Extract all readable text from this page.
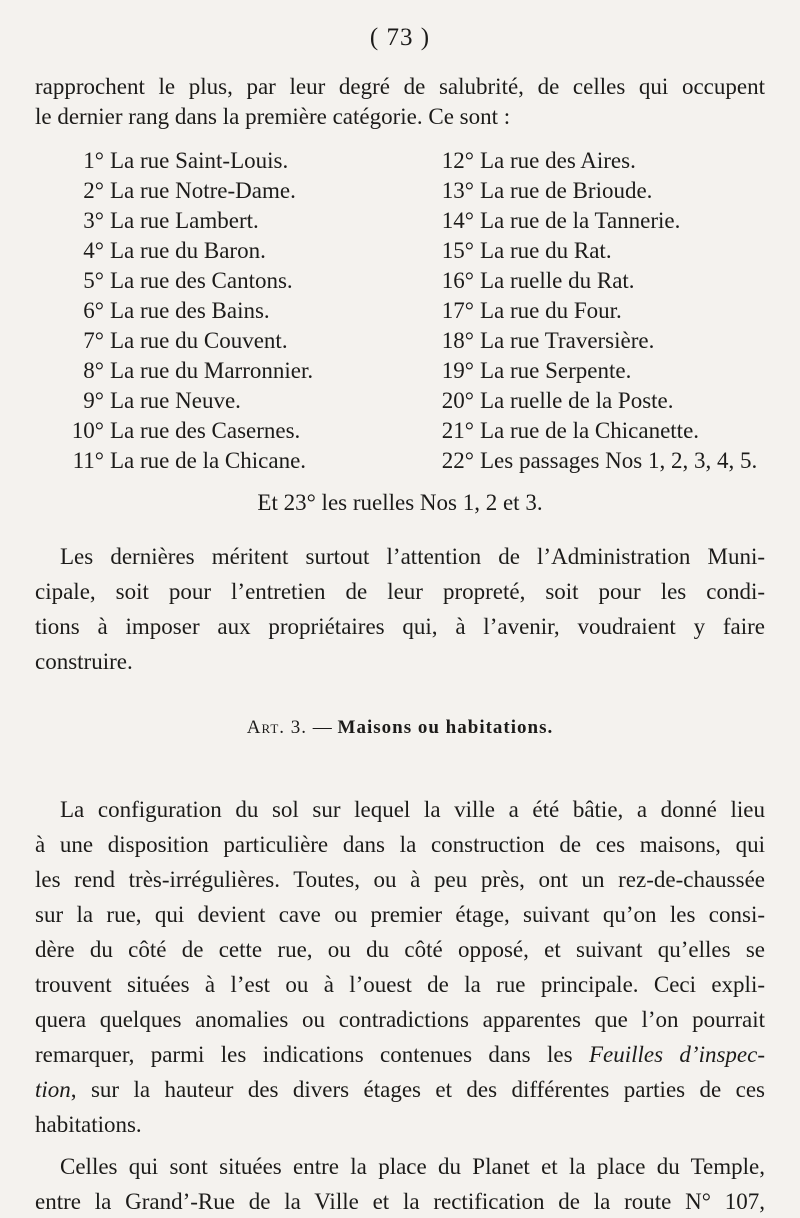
( 73 )
rapprochent le plus, par leur degré de salubrité, de celles qui occupent
le dernier rang dans la première catégorie. Ce sont :
1° La rue Saint-Louis.
2° La rue Notre-Dame.
3° La rue Lambert.
4° La rue du Baron.
5° La rue des Cantons.
6° La rue des Bains.
7° La rue du Couvent.
8° La rue du Marronnier.
9° La rue Neuve.
10° La rue des Casernes.
11° La rue de la Chicane.
12° La rue des Aires.
13° La rue de Brioude.
14° La rue de la Tannerie.
15° La rue du Rat.
16° La ruelle du Rat.
17° La rue du Four.
18° La rue Traversière.
19° La rue Serpente.
20° La ruelle de la Poste.
21° La rue de la Chicanette.
22° Les passages Nos 1, 2, 3, 4, 5.
Et 23° les ruelles Nos 1, 2 et 3.
Les dernières méritent surtout l’attention de l’Administration Muni-
cipale, soit pour l’entretien de leur propreté, soit pour les condi-
tions à imposer aux propriétaires qui, à l’avenir, voudraient y faire
construire.
Art. 3. — Maisons ou habitations.
La configuration du sol sur lequel la ville a été bâtie, a donné lieu
à une disposition particulière dans la construction de ces maisons, qui
les rend très-irrégulières. Toutes, ou à peu près, ont un rez-de-chaussée
sur la rue, qui devient cave ou premier étage, suivant qu’on les consi-
dère du côté de cette rue, ou du côté opposé, et suivant qu’elles se
trouvent situées à l’est ou à l’ouest de la rue principale. Ceci expli-
quera quelques anomalies ou contradictions apparentes que l’on pourrait
remarquer, parmi les indications contenues dans les Feuilles d’inspec-
tion, sur la hauteur des divers étages et des différentes parties de ces
habitations.
Celles qui sont situées entre la place du Planet et la place du Temple,
entre la Grand’-Rue de la Ville et la rectification de la route N° 107,
